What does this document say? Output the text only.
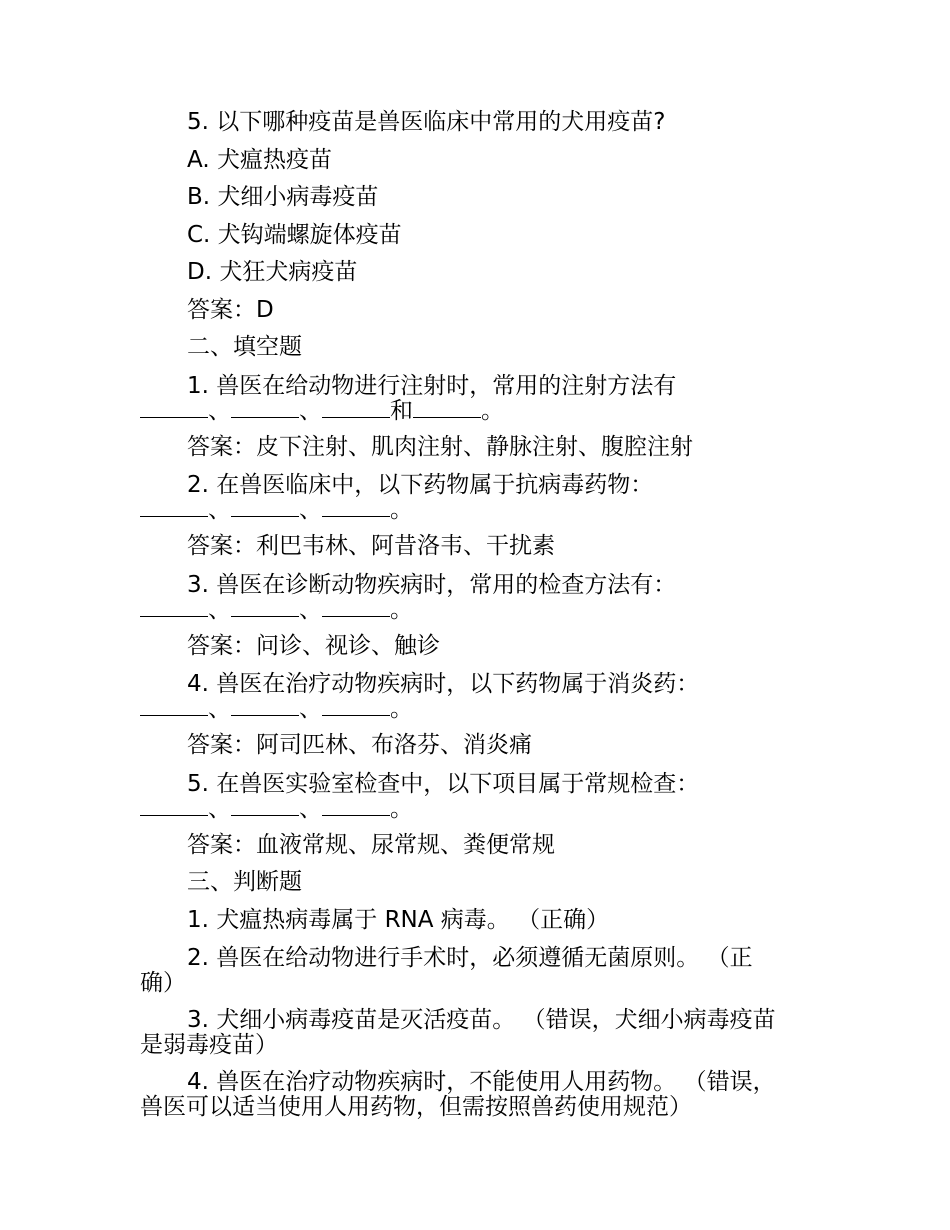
5. 以下哪种疫苗是兽医临床中常用的犬用疫苗?
A. 犬瘟热疫苗
B. 犬细小病毒疫苗
C. 犬钩端螺旋体疫苗
D. 犬狂犬病疫苗
答案：D
二、填空题
1. 兽医在给动物进行注射时，常用的注射方法有
、	、	和	。
答案：皮下注射、肌肉注射、静脉注射、腹腔注射
2. 在兽医临床中，以下药物属于抗病毒药物：
、	、	。
答案：利巴韦林、阿昔洛韦、干扰素
3. 兽医在诊断动物疾病时，常用的检查方法有：
、	、	。
答案：问诊、视诊、触诊
4. 兽医在治疗动物疾病时，以下药物属于消炎药：
、	、	。
答案：阿司匹林、布洛芬、消炎痛
5. 在兽医实验室检查中，以下项目属于常规检查：
、	、	。
答案：血液常规、尿常规、粪便常规
三、判断题
1. 犬瘟热病毒属于 RNA 病毒。 （正确）
2. 兽医在给动物进行手术时，必须遵循无菌原则。 （正
确）
3. 犬细小病毒疫苗是灭活疫苗。 （错误，犬细小病毒疫苗
是弱毒疫苗）
4. 兽医在治疗动物疾病时，不能使用人用药物。 （错误，
兽医可以适当使用人用药物，但需按照兽药使用规范）
